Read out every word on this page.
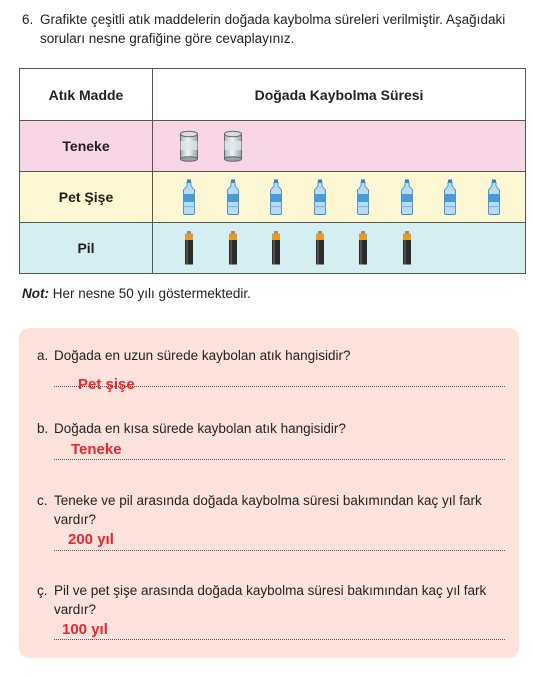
6. Grafikte çeşitli atık maddelerin doğada kaybolma süreleri verilmiştir. Aşağıdaki soruları nesne grafiğine göre cevaplayınız.
Atık Madde	Doğada Kaybolma Süresi
Teneke	

Pet Şişe	

Pil	
Not: Her nesne 50 yılı göstermektedir.
a. Doğada en uzun sürede kaybolan atık hangisidir?
Pet şişe
b. Doğada en kısa sürede kaybolan atık hangisidir?
Teneke
c. Teneke ve pil arasında doğada kaybolma süresi bakımından kaç yıl fark vardır?
200 yıl
ç. Pil ve pet şişe arasında doğada kaybolma süresi bakımından kaç yıl fark vardır?
100 yıl
